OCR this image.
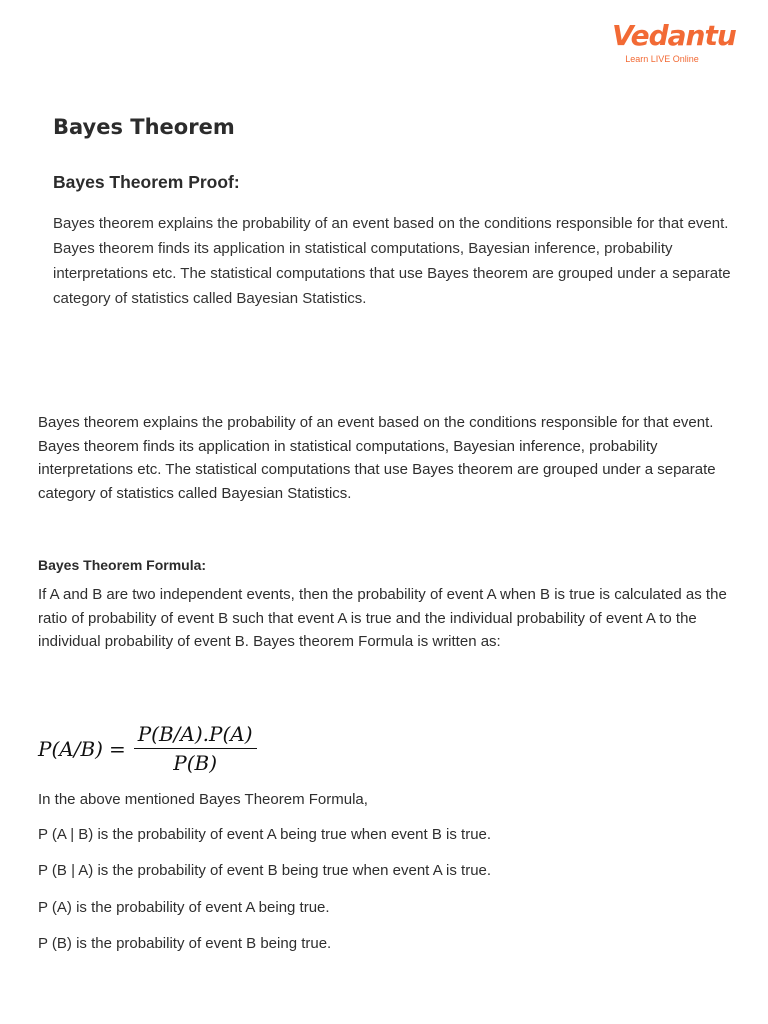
Vedantu
Learn LIVE Online
Bayes Theorem
Bayes Theorem Proof:

Bayes theorem explains the probability of an event based on the conditions responsible for that event. Bayes theorem finds its application in statistical computations, Bayesian inference, probability interpretations etc. The statistical computations that use Bayes theorem are grouped under a separate category of statistics called Bayesian Statistics.

Bayes theorem explains the probability of an event based on the conditions responsible for that event. Bayes theorem finds its application in statistical computations, Bayesian inference, probability interpretations etc. The statistical computations that use Bayes theorem are grouped under a separate category of statistics called Bayesian Statistics.

Bayes Theorem Formula:

If A and B are two independent events, then the probability of event A when B is true is calculated as the ratio of probability of event B such that event A is true and the individual probability of event A to the individual probability of event B. Bayes theorem Formula is written as:

$P(A/B) = \frac{P(B/A).P(A)}{P(B)}$

In the above mentioned Bayes Theorem Formula,

P (A | B) is the probability of event A being true when event B is true.

P (B | A) is the probability of event B being true when event A is true.

P (A) is the probability of event A being true.

P (B) is the probability of event B being true.
